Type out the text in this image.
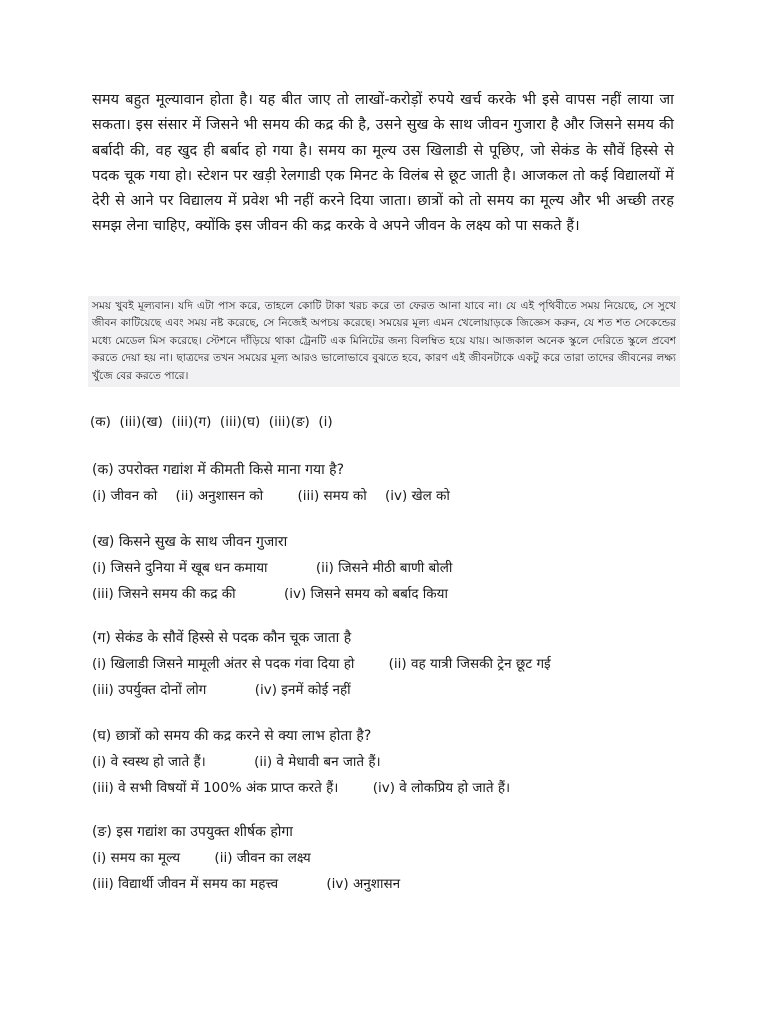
समय बहुत मूल्यावान होता है। यह बीत जाए तो लाखों-करोड़ों रुपये खर्च करके भी इसे वापस नहीं लाया जा सकता। इस संसार में जिसने भी समय की कद्र की है, उसने सुख के साथ जीवन गुजारा है और जिसने समय की बर्बादी की, वह खुद ही बर्बाद हो गया है। समय का मूल्य उस खिलाडी से पूछिए, जो सेकंड के सौवें हिस्से से पदक चूक गया हो। स्टेशन पर खड़ी रेलगाडी एक मिनट के विलंब से छूट जाती है। आजकल तो कई विद्यालयों में देरी से आने पर विद्यालय में प्रवेश भी नहीं करने दिया जाता। छात्रों को तो समय का मूल्य और भी अच्छी तरह समझ लेना चाहिए, क्योंकि इस जीवन की कद्र करके वे अपने जीवन के लक्ष्य को पा सकते हैं।

সময় খুবই মূল্যবান। যদি এটা পাস করে, তাহলে কোটি টাকা খরচ করে তা ফেরত আনা যাবে না। যে এই পৃথিবীতে সময় নিয়েছে, সে সুখে জীবন কাটিয়েছে এবং সময় নষ্ট করেছে, সে নিজেই অপচয় করেছে। সময়ের মূল্য এমন খেলোয়াড়কে জিজ্ঞেস করুন, যে শত শত সেকেন্ডের মধ্যে মেডেল মিস করেছে। স্টেশনে দাঁড়িয়ে থাকা ট্রেনটি এক মিনিটের জন্য বিলম্বিত হয়ে যায়। আজকাল অনেক স্কুলে দেরিতে স্কুলে প্রবেশ করতে দেয়া হয় না। ছাত্রদের তখন সময়ের মূল্য আরও ভালোভাবে বুঝতে হবে, কারণ এই জীবনটাকে একটু করে তারা তাদের জীবনের লক্ষ্য খুঁজে বের করতে পারে।

(क)  (iii)(ख)  (iii)(ग)  (iii)(घ)  (iii)(ङ)  (i)

(क) उपरोक्त गद्यांश में कीमती किसे माना गया है?

(i) जीवन को (ii) अनुशासन को	(iii) समय को (iv) खेल को

(ख) किसने सुख के साथ जीवन गुजारा

(i) जिसने दुनिया में खूब धन कमाया	(ii) जिसने मीठी बाणी बोली

(iii) जिसने समय की कद्र की	(iv) जिसने समय को बर्बाद किया

(ग) सेकंड के सौवें हिस्से से पदक कौन चूक जाता है

(i) खिलाडी जिसने मामूली अंतर से पदक गंवा दिया हो	(ii) वह यात्री जिसकी ट्रेन छूट गई

(iii) उपर्युक्त दोनों लोग	(iv) इनमें कोई नहीं

(घ) छात्रों को समय की कद्र करने से क्या लाभ होता है?

(i) वे स्वस्थ हो जाते हैं।	(ii) वे मेधावी बन जाते हैं।

(iii) वे सभी विषयों में 100% अंक प्राप्त करते हैं।	(iv) वे लोकप्रिय हो जाते हैं।

(ङ) इस गद्यांश का उपयुक्त शीर्षक होगा

(i) समय का मूल्य	(ii) जीवन का लक्ष्य

(iii) विद्यार्थी जीवन में समय का महत्त्व	(iv) अनुशासन
